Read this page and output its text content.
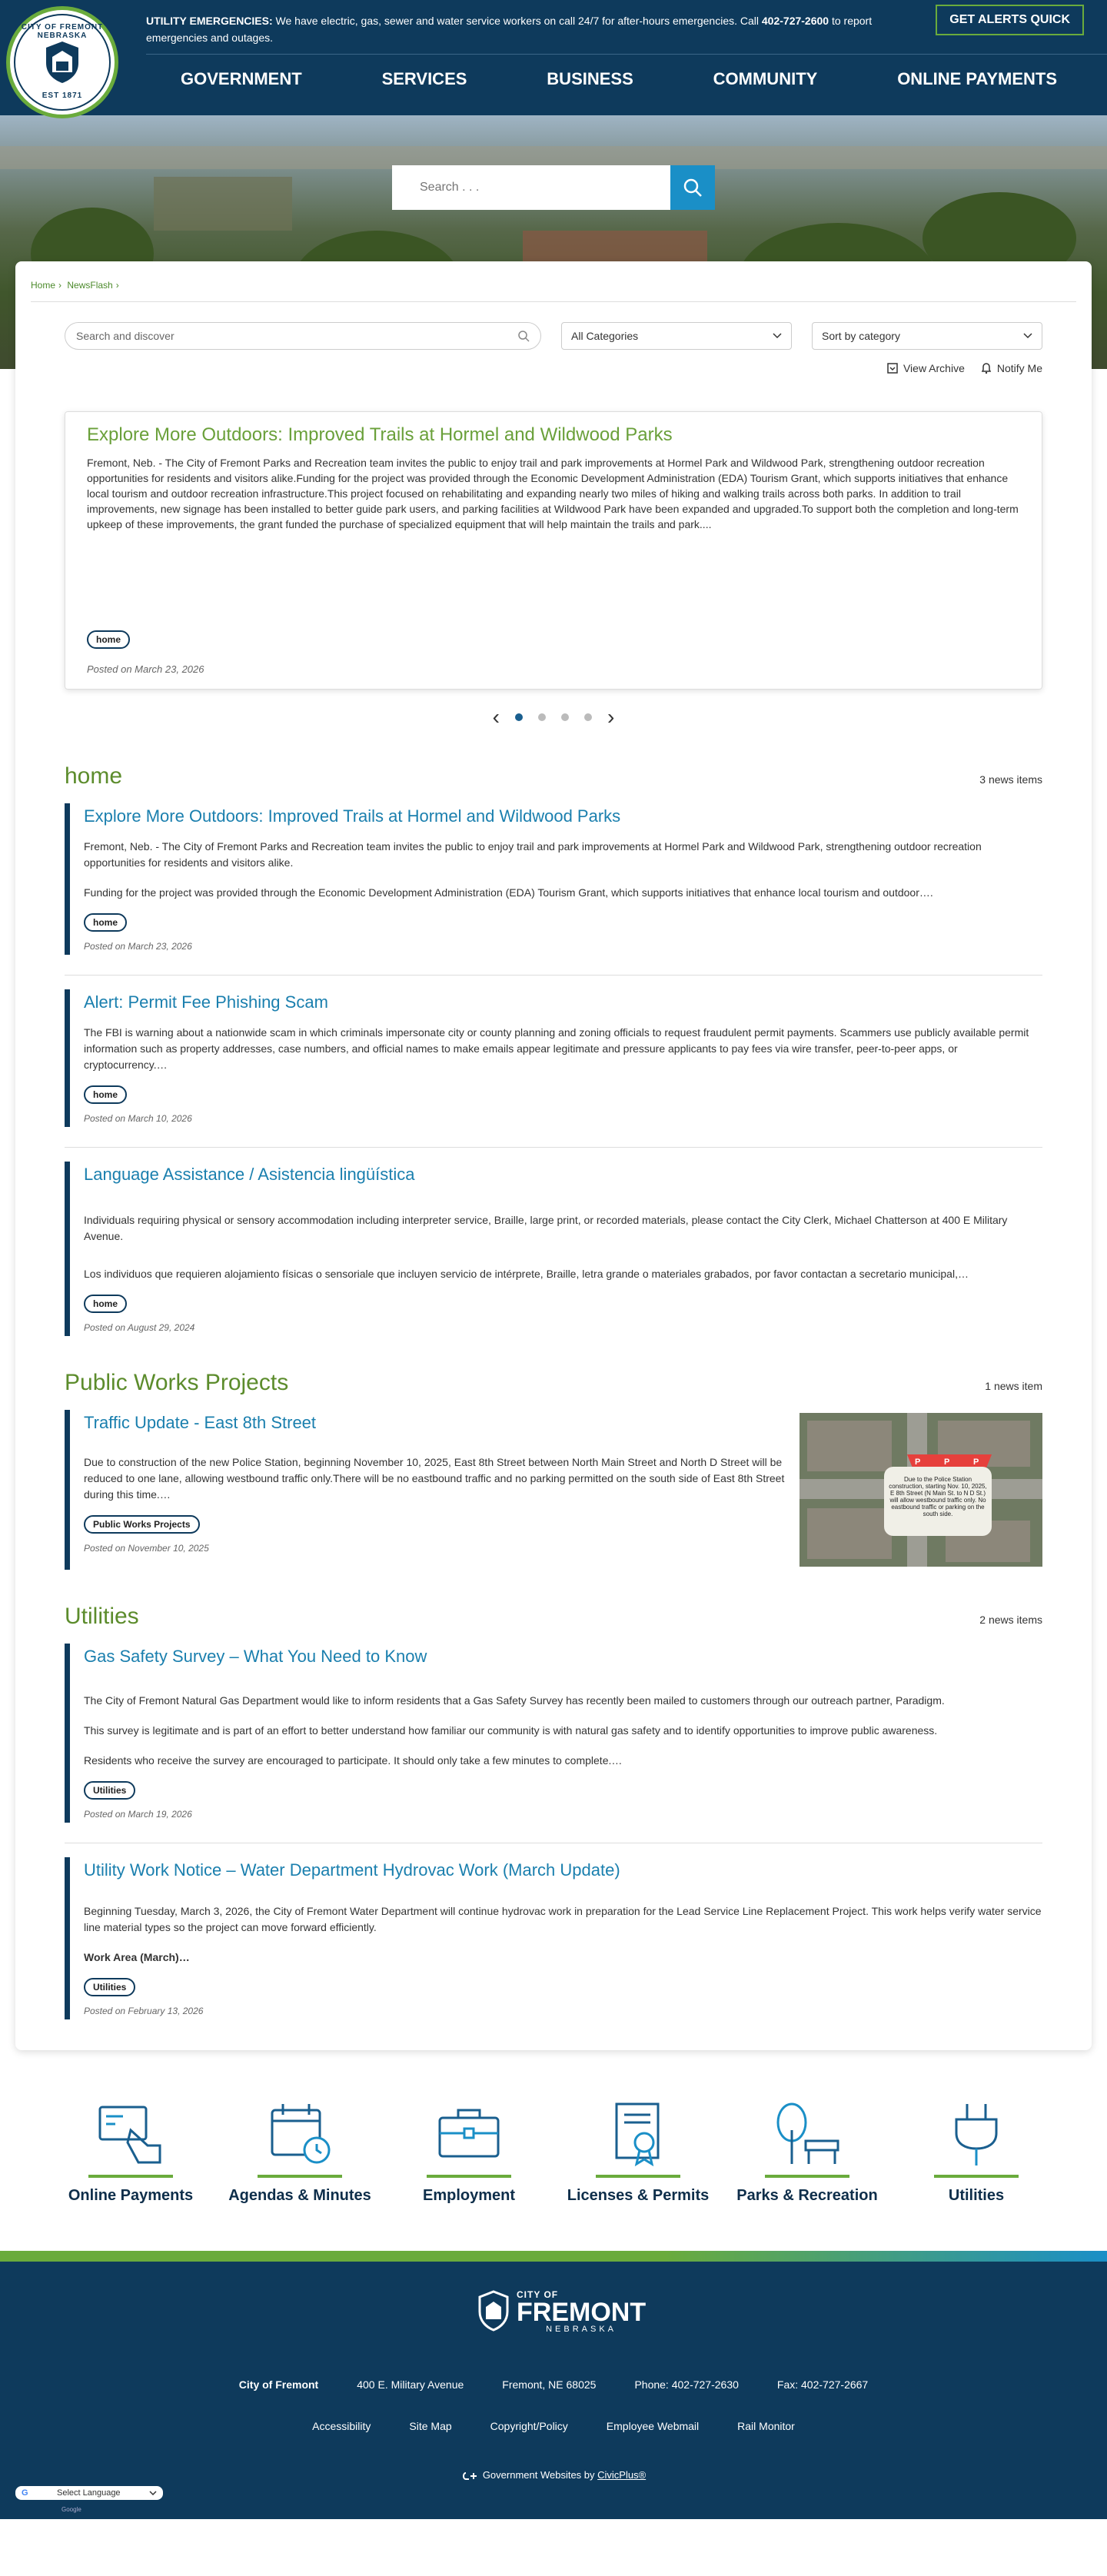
CITY OF FREMONT NEBRASKA
EST 1871
UTILITY EMERGENCIES: We have electric, gas, sewer and water service workers on call 24/7 for after-hours emergencies. Call 402-727-2600 to report emergencies and outages.
GET ALERTS QUICK
GOVERNMENT	SERVICES	BUSINESS	COMMUNITY	ONLINE PAYMENTS
Search . . .
Home › NewsFlash ›
Search and discover	All Categories	Sort by category
View Archive	Notify Me
Explore More Outdoors: Improved Trails at Hormel and Wildwood Parks

Fremont, Neb. - The City of Fremont Parks and Recreation team invites the public to enjoy trail and park improvements at Hormel Park and Wildwood Park, strengthening outdoor recreation opportunities for residents and visitors alike.Funding for the project was provided through the Economic Development Administration (EDA) Tourism Grant, which supports initiatives that enhance local tourism and outdoor recreation infrastructure.This project focused on rehabilitating and expanding nearly two miles of hiking and walking trails across both parks. In addition to trail improvements, new signage has been installed to better guide park users, and parking facilities at Wildwood Park have been expanded and upgraded.To support both the completion and long-term upkeep of these improvements, the grant funded the purchase of specialized equipment that will help maintain the trails and park....

home
Posted on March 23, 2026
‹	›
home	3 news items
Explore More Outdoors: Improved Trails at Hormel and Wildwood Parks

Fremont, Neb. - The City of Fremont Parks and Recreation team invites the public to enjoy trail and park improvements at Hormel Park and Wildwood Park, strengthening outdoor recreation opportunities for residents and visitors alike.

Funding for the project was provided through the Economic Development Administration (EDA) Tourism Grant, which supports initiatives that enhance local tourism and outdoor….

home
Posted on March 23, 2026
Alert: Permit Fee Phishing Scam

The FBI is warning about a nationwide scam in which criminals impersonate city or county planning and zoning officials to request fraudulent permit payments. Scammers use publicly available permit information such as property addresses, case numbers, and official names to make emails appear legitimate and pressure applicants to pay fees via wire transfer, peer-to-peer apps, or cryptocurrency.…

home
Posted on March 10, 2026
Language Assistance / Asistencia lingüística

Individuals requiring physical or sensory accommodation including interpreter service, Braille, large print, or recorded materials, please contact the City Clerk, Michael Chatterson at 400 E Military Avenue.

Los individuos que requieren alojamiento físicas o sensoriale que incluyen servicio de intérprete, Braille, letra grande o materiales grabados, por favor contactan a secretario municipal,…

home
Posted on August 29, 2024
Public Works Projects	1 news item
Traffic Update - East 8th Street

Due to construction of the new Police Station, beginning November 10, 2025, East 8th Street between North Main Street and North D Street will be reduced to one lane, allowing westbound traffic only.There will be no eastbound traffic and no parking permitted on the south side of East 8th Street during this time.…

Public Works Projects
Posted on November 10, 2025
P	P	P
Due to the Police Station construction, starting Nov. 10, 2025, E 8th Street (N Main St. to N D St.) will allow westbound traffic only. No eastbound traffic or parking on the south side.
Utilities	2 news items
Gas Safety Survey – What You Need to Know

The City of Fremont Natural Gas Department would like to inform residents that a Gas Safety Survey has recently been mailed to customers through our outreach partner, Paradigm.

This survey is legitimate and is part of an effort to better understand how familiar our community is with natural gas safety and to identify opportunities to improve public awareness.

Residents who receive the survey are encouraged to participate. It should only take a few minutes to complete.…

Utilities
Posted on March 19, 2026
Utility Work Notice – Water Department Hydrovac Work (March Update)

Beginning Tuesday, March 3, 2026, the City of Fremont Water Department will continue hydrovac work in preparation for the Lead Service Line Replacement Project. This work helps verify water service line material types so the project can move forward efficiently.

Work Area (March)…

Utilities
Posted on February 13, 2026
Online Payments	Agendas & Minutes	Employment	Licenses & Permits	Parks & Recreation	Utilities
CITY OF
FREMONT
NEBRASKA
City of Fremont	400 E. Military Avenue	Fremont, NE 68025	Phone: 402-727-2630	Fax: 402-727-2667
Accessibility	Site Map	Copyright/Policy	Employee Webmail	Rail Monitor
Government Websites by CivicPlus®
G	Select Language
Google
